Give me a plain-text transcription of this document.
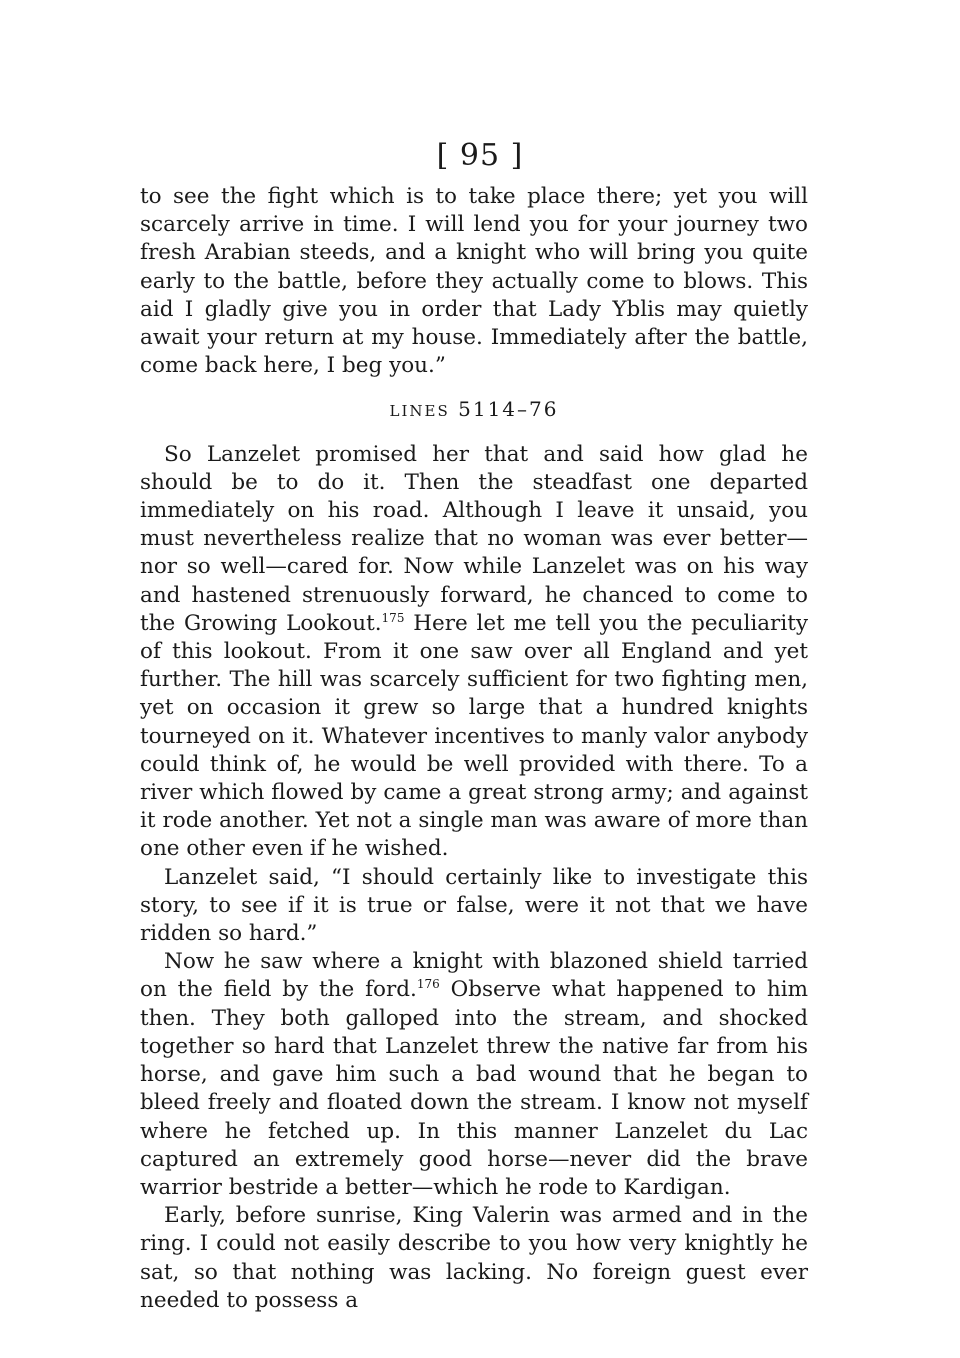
[ 95 ]

to see the fight which is to take place there; yet you will scarcely arrive in time. I will lend you for your journey two fresh Arabian steeds, and a knight who will bring you quite early to the battle, before they actually come to blows. This aid I gladly give you in order that Lady Yblis may quietly await your return at my house. Immediately after the battle, come back here, I beg you.”

LINES 5114–76

So Lanzelet promised her that and said how glad he should be to do it. Then the steadfast one departed immediately on his road. Although I leave it unsaid, you must nevertheless realize that no woman was ever better—nor so well—cared for. Now while Lanzelet was on his way and hastened strenuously forward, he chanced to come to the Growing Lookout.$^{175}$ Here let me tell you the peculiarity of this lookout. From it one saw over all England and yet further. The hill was scarcely sufficient for two fighting men, yet on occasion it grew so large that a hundred knights tourneyed on it. Whatever incentives to manly valor anybody could think of, he would be well provided with there. To a river which flowed by came a great strong army; and against it rode another. Yet not a single man was aware of more than one other even if he wished.

Lanzelet said, “I should certainly like to investigate this story, to see if it is true or false, were it not that we have ridden so hard.”

Now he saw where a knight with blazoned shield tarried on the field by the ford.$^{176}$ Observe what happened to him then. They both galloped into the stream, and shocked together so hard that Lanzelet threw the native far from his horse, and gave him such a bad wound that he began to bleed freely and floated down the stream. I know not myself where he fetched up. In this manner Lanzelet du Lac captured an extremely good horse—never did the brave warrior bestride a better—which he rode to Kardigan.

Early, before sunrise, King Valerin was armed and in the ring. I could not easily describe to you how very knightly he sat, so that nothing was lacking. No foreign guest ever needed to possess a
